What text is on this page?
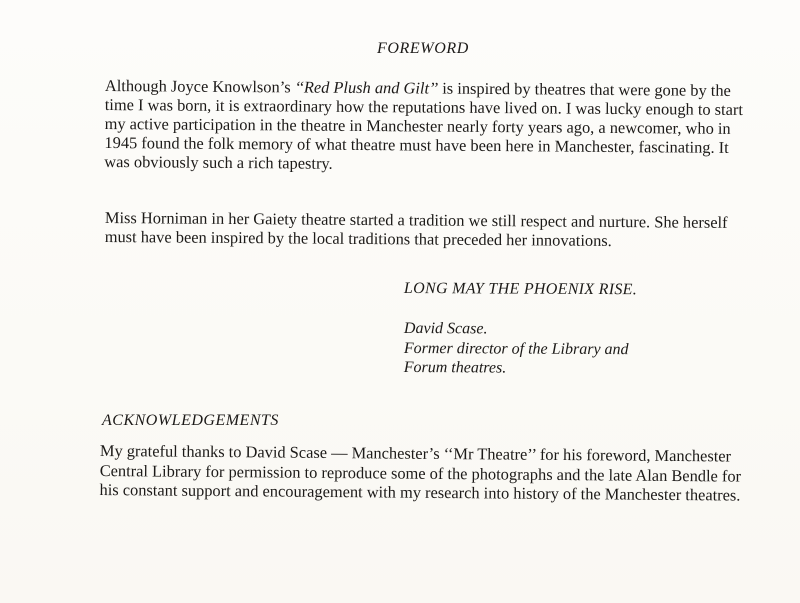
FOREWORD

Although Joyce Knowlson’s ‘‘Red Plush and Gilt’’ is inspired by theatres that were gone by the time I was born, it is extraordinary how the reputations have lived on. I was lucky enough to start my active participation in the theatre in Manchester nearly forty years ago, a newcomer, who in 1945 found the folk memory of what theatre must have been here in Manchester, fascinating. It was obviously such a rich tapestry.

Miss Horniman in her Gaiety theatre started a tradition we still respect and nurture. She herself must have been inspired by the local traditions that preceded her innovations.

LONG MAY THE PHOENIX RISE.
David Scase.
Former director of the Library and
Forum theatres.
ACKNOWLEDGEMENTS

My grateful thanks to David Scase — Manchester’s ‘‘Mr Theatre’’ for his foreword, Manchester Central Library for permission to reproduce some of the photographs and the late Alan Bendle for his constant support and encouragement with my research into history of the Manchester theatres.
